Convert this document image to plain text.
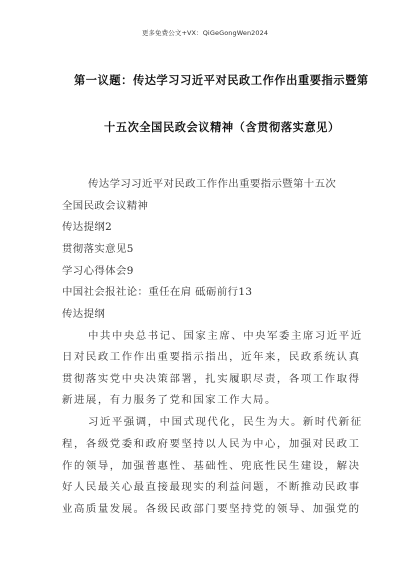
更多免费公文+VX：QiGeGongWen2024
第一议题：传达学习习近平对民政工作作出重要指示暨第
十五次全国民政会议精神（含贯彻落实意见）
传达学习习近平对民政工作作出重要指示暨第十五次
全国民政会议精神
传达提纲2
贯彻落实意见5
学习心得体会9
中国社会报社论：重任在肩 砥砺前行13
传达提纲
中共中央总书记、国家主席、中央军委主席习近平近
日对民政工作作出重要指示指出，近年来，民政系统认真
贯彻落实党中央决策部署，扎实履职尽责，各项工作取得
新进展，有力服务了党和国家工作大局。
习近平强调，中国式现代化，民生为大。新时代新征
程，各级党委和政府要坚持以人民为中心，加强对民政工
作的领导，加强普惠性、基础性、兜底性民生建设，解决
好人民最关心最直接最现实的利益问题，不断推动民政事
业高质量发展。各级民政部门要坚持党的领导、加强党的
